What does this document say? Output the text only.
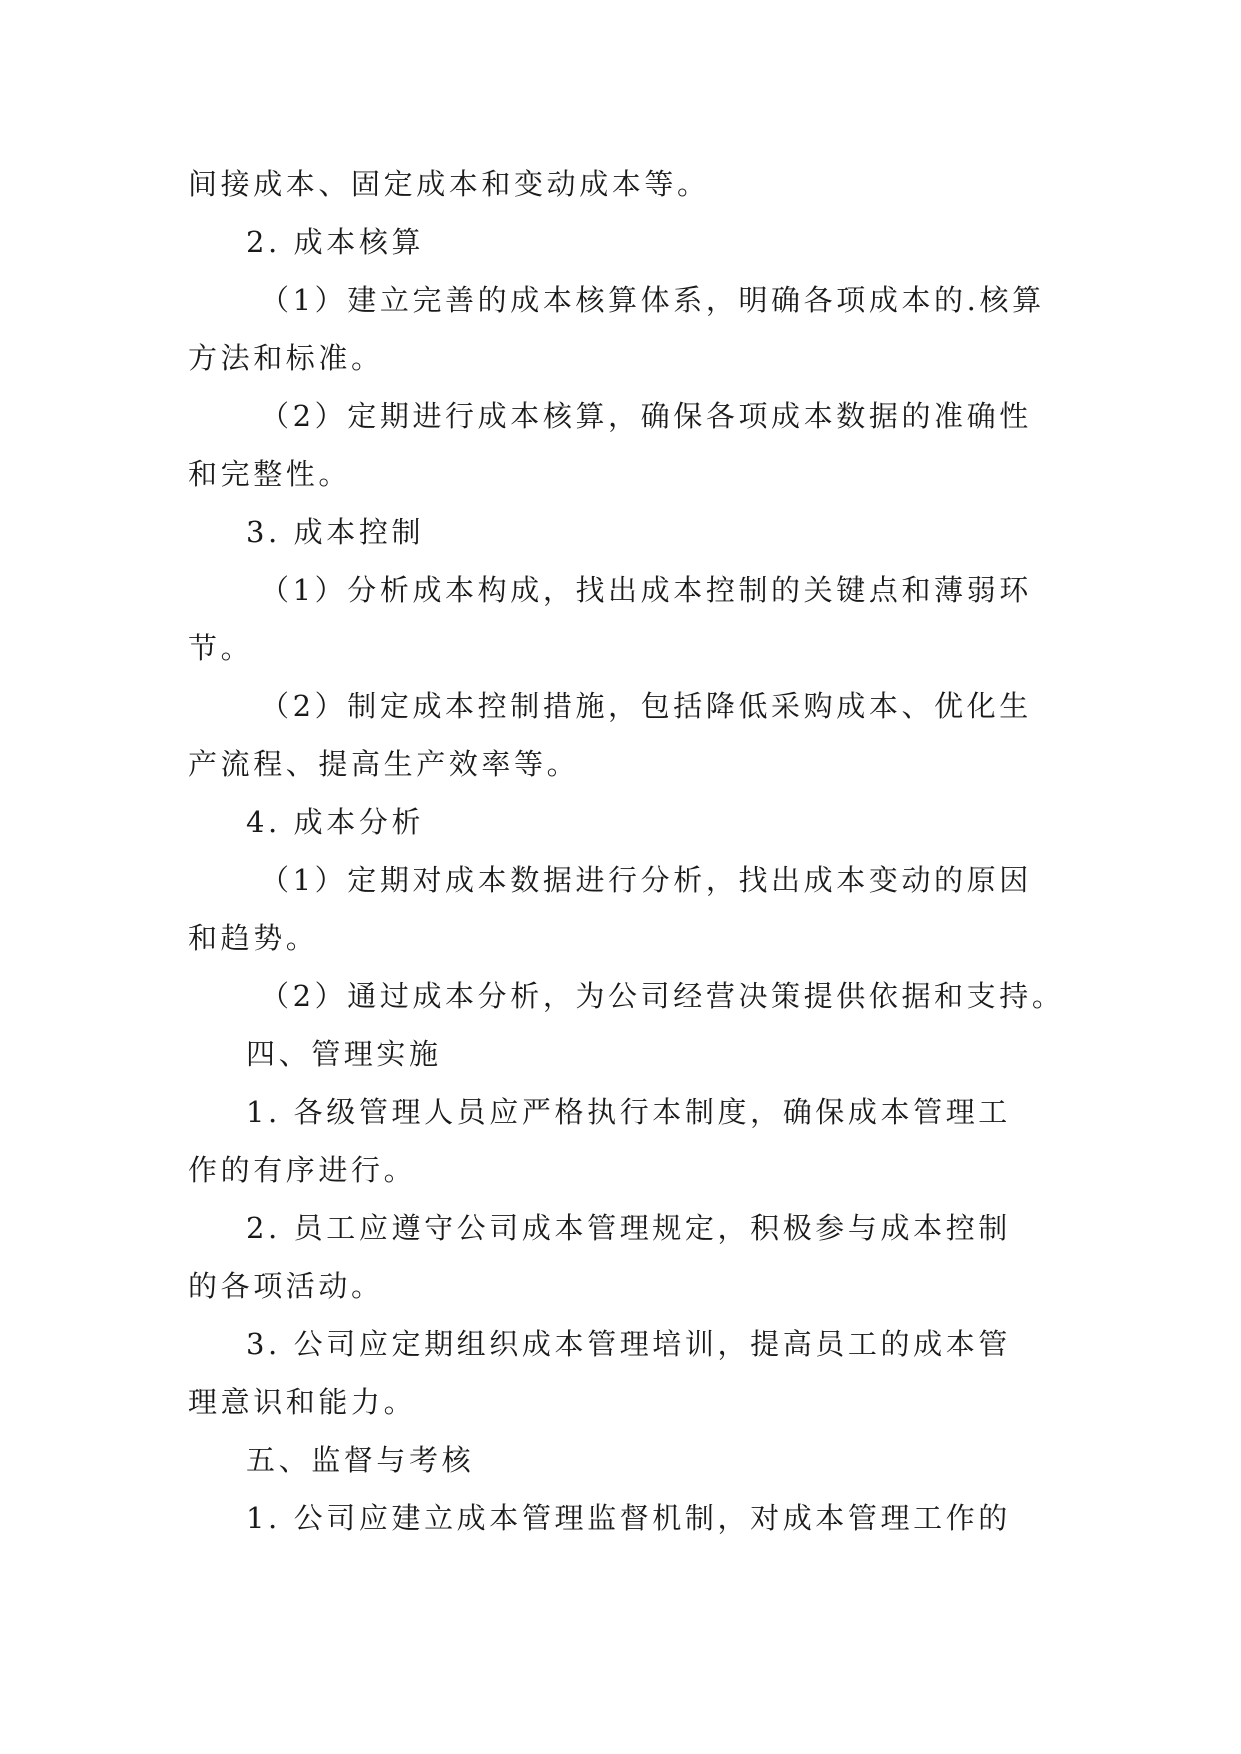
间接成本、固定成本和变动成本等。
2. 成本核算
（1）建立完善的成本核算体系，明确各项成本的.核算
方法和标准。
（2）定期进行成本核算，确保各项成本数据的准确性
和完整性。
3. 成本控制
（1）分析成本构成，找出成本控制的关键点和薄弱环
节。
（2）制定成本控制措施，包括降低采购成本、优化生
产流程、提高生产效率等。
4. 成本分析
（1）定期对成本数据进行分析，找出成本变动的原因
和趋势。
（2）通过成本分析，为公司经营决策提供依据和支持。
四、管理实施
1. 各级管理人员应严格执行本制度，确保成本管理工
作的有序进行。
2. 员工应遵守公司成本管理规定，积极参与成本控制
的各项活动。
3. 公司应定期组织成本管理培训，提高员工的成本管
理意识和能力。
五、监督与考核
1. 公司应建立成本管理监督机制，对成本管理工作的
